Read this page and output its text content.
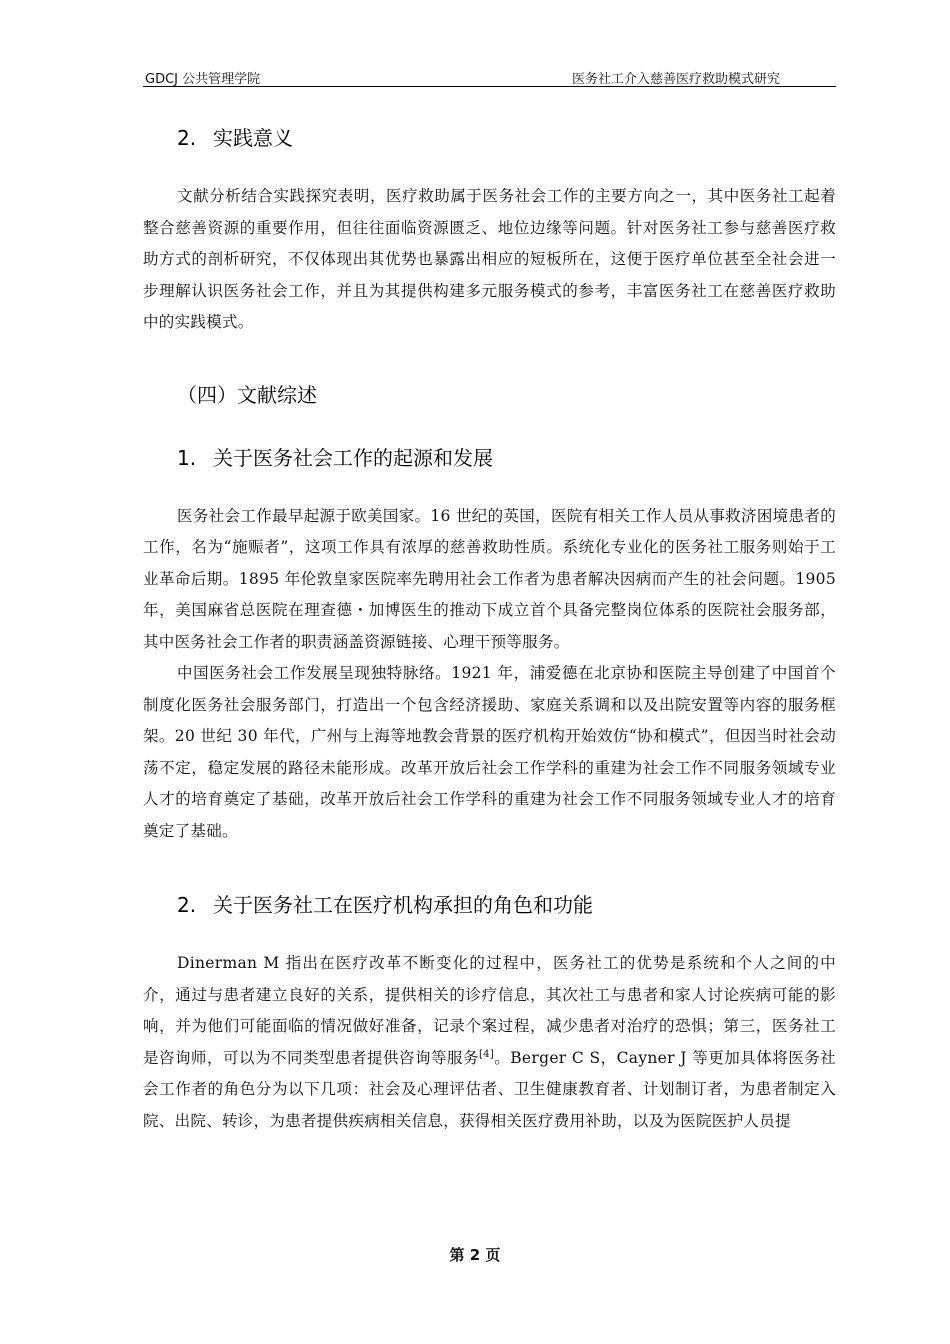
GDCJ 公共管理学院	医务社工介入慈善医疗救助模式研究
2. 实践意义

文献分析结合实践探究表明，医疗救助属于医务社会工作的主要方向之一，其中医务社工起着整合慈善资源的重要作用，但往往面临资源匮乏、地位边缘等问题。针对医务社工参与慈善医疗救助方式的剖析研究，不仅体现出其优势也暴露出相应的短板所在，这便于医疗单位甚至全社会进一步理解认识医务社会工作，并且为其提供构建多元服务模式的参考，丰富医务社工在慈善医疗救助中的实践模式。

（四）文献综述
1. 关于医务社会工作的起源和发展

医务社会工作最早起源于欧美国家。16 世纪的英国，医院有相关工作人员从事救济困境患者的工作，名为“施赈者”，这项工作具有浓厚的慈善救助性质。系统化专业化的医务社工服务则始于工业革命后期。1895 年伦敦皇家医院率先聘用社会工作者为患者解决因病而产生的社会问题。1905 年，美国麻省总医院在理查德・加博医生的推动下成立首个具备完整岗位体系的医院社会服务部，其中医务社会工作者的职责涵盖资源链接、心理干预等服务。

中国医务社会工作发展呈现独特脉络。1921 年，浦爱德在北京协和医院主导创建了中国首个制度化医务社会服务部门，打造出一个包含经济援助、家庭关系调和以及出院安置等内容的服务框架。20 世纪 30 年代，广州与上海等地教会背景的医疗机构开始效仿“协和模式”，但因当时社会动荡不定，稳定发展的路径未能形成。改革开放后社会工作学科的重建为社会工作不同服务领域专业人才的培育奠定了基础，改革开放后社会工作学科的重建为社会工作不同服务领域专业人才的培育奠定了基础。

2. 关于医务社工在医疗机构承担的角色和功能

Dinerman M 指出在医疗改革不断变化的过程中，医务社工的优势是系统和个人之间的中介，通过与患者建立良好的关系，提供相关的诊疗信息，其次社工与患者和家人讨论疾病可能的影响，并为他们可能面临的情况做好准备，记录个案过程，减少患者对治疗的恐惧；第三，医务社工是咨询师，可以为不同类型患者提供咨询等服务[4]。Berger C S，Cayner J 等更加具体将医务社会工作者的角色分为以下几项：社会及心理评估者、卫生健康教育者、计划制订者，为患者制定入院、出院、转诊，为患者提供疾病相关信息，获得相关医疗费用补助，以及为医院医护人员提

第 2 页
